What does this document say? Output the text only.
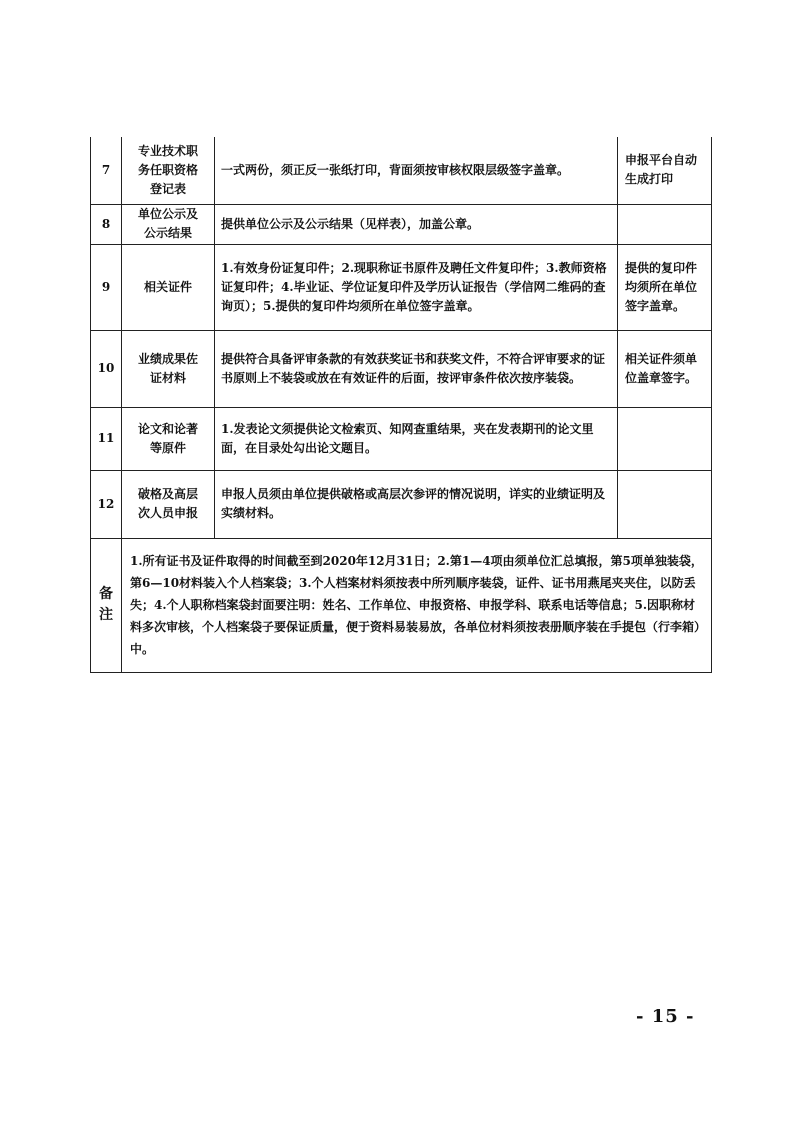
7	专业技术职务任职资格登记表	一式两份，须正反一张纸打印，背面须按审核权限层级签字盖章。	申报平台自动生成打印
8	单位公示及公示结果	提供单位公示及公示结果（见样表），加盖公章。	
9	相关证件	1.有效身份证复印件；2.现职称证书原件及聘任文件复印件；3.教师资格证复印件；4.毕业证、学位证复印件及学历认证报告（学信网二维码的查询页）；5.提供的复印件均须所在单位签字盖章。	提供的复印件均须所在单位签字盖章。
10	业绩成果佐证材料	提供符合具备评审条款的有效获奖证书和获奖文件，不符合评审要求的证书原则上不装袋或放在有效证件的后面，按评审条件依次按序装袋。	相关证件须单位盖章签字。
11	论文和论著等原件	1.发表论文须提供论文检索页、知网查重结果，夹在发表期刊的论文里面，在目录处勾出论文题目。	
12	破格及高层次人员申报	申报人员须由单位提供破格或高层次参评的情况说明，详实的业绩证明及实绩材料。	
备注	1.所有证书及证件取得的时间截至到2020年12月31日；2.第1—4项由须单位汇总填报，第5项单独装袋，第6—10材料装入个人档案袋；3.个人档案材料须按表中所列顺序装袋，证件、证书用燕尾夹夹住，以防丢失；4.个人职称档案袋封面要注明：姓名、工作单位、申报资格、申报学科、联系电话等信息；5.因职称材料多次审核，个人档案袋子要保证质量，便于资料易装易放，各单位材料须按表册顺序装在手提包（行李箱）中。		
- 15 -
